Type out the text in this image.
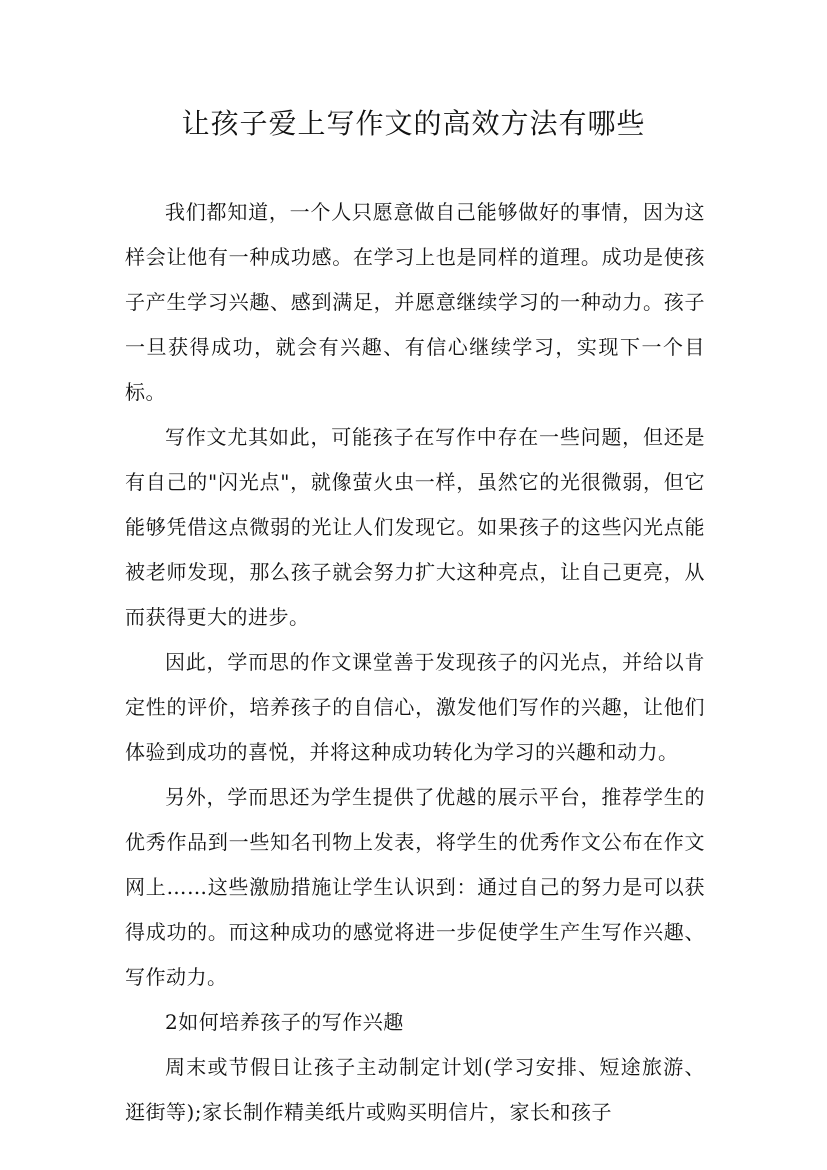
让孩子爱上写作文的高效方法有哪些

我们都知道，一个人只愿意做自己能够做好的事情，因为这样会让他有一种成功感。在学习上也是同样的道理。成功是使孩子产生学习兴趣、感到满足，并愿意继续学习的一种动力。孩子一旦获得成功，就会有兴趣、有信心继续学习，实现下一个目标。

写作文尤其如此，可能孩子在写作中存在一些问题，但还是有自己的"闪光点"，就像萤火虫一样，虽然它的光很微弱，但它能够凭借这点微弱的光让人们发现它。如果孩子的这些闪光点能被老师发现，那么孩子就会努力扩大这种亮点，让自己更亮，从而获得更大的进步。

因此，学而思的作文课堂善于发现孩子的闪光点，并给以肯定性的评价，培养孩子的自信心，激发他们写作的兴趣，让他们体验到成功的喜悦，并将这种成功转化为学习的兴趣和动力。

另外，学而思还为学生提供了优越的展示平台，推荐学生的优秀作品到一些知名刊物上发表，将学生的优秀作文公布在作文网上……这些激励措施让学生认识到：通过自己的努力是可以获得成功的。而这种成功的感觉将进一步促使学生产生写作兴趣、写作动力。

2如何培养孩子的写作兴趣

周末或节假日让孩子主动制定计划(学习安排、短途旅游、逛街等);家长制作精美纸片或购买明信片，家长和孩子
